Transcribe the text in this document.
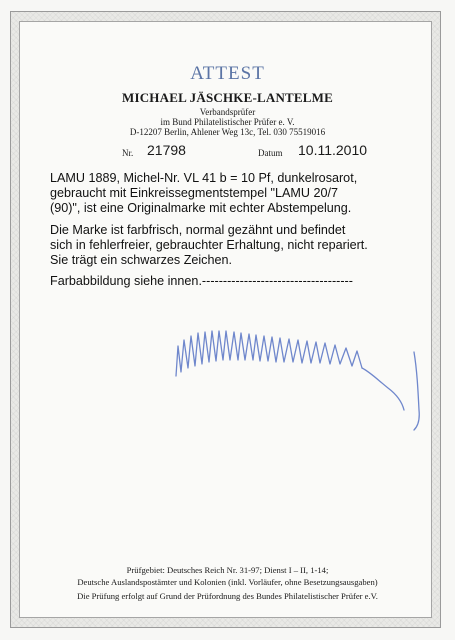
ATTEST
MICHAEL JÄSCHKE-LANTELME
Verbandsprüfer
im Bund Philatelistischer Prüfer e. V.
D-12207 Berlin, Ahlener Weg 13c, Tel. 030 75519016
Nr. 21798	Datum 10.11.2010
LAMU 1889, Michel-Nr. VL 41 b = 10 Pf, dunkelrosarot,
gebraucht mit Einkreissegmentstempel "LAMU 20/7
(90)", ist eine Originalmarke mit echter Abstempelung.
Die Marke ist farbfrisch, normal gezähnt und befindet
sich in fehlerfreier, gebrauchter Erhaltung, nicht repariert.
Sie trägt ein schwarzes Zeichen.
Farbabbildung siehe innen.------------------------------------
Prüfgebiet: Deutsches Reich Nr. 31-97; Dienst I – II, 1-14;
Deutsche Auslandspostämter und Kolonien (inkl. Vorläufer, ohne Besetzungsausgaben)
Die Prüfung erfolgt auf Grund der Prüfordnung des Bundes Philatelistischer Prüfer e.V.
